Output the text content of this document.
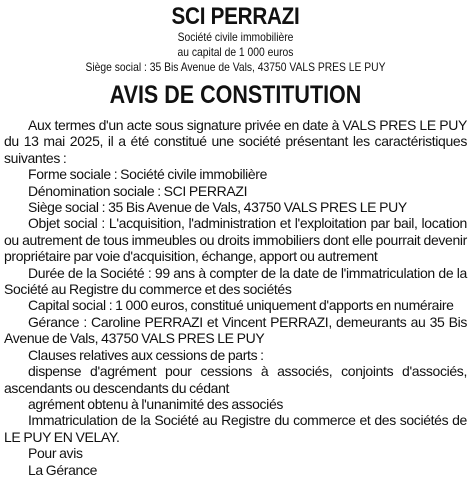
SCI PERRAZI
Société civile immobilière
au capital de 1 000 euros
Siège social : 35 Bis Avenue de Vals, 43750 VALS PRES LE PUY
AVIS DE CONSTITUTION

Aux termes d'un acte sous signature privée en date à VALS PRES LE PUY du 13 mai 2025, il a été constitué une société présentant les caractéristiques suivantes :

Forme sociale : Société civile immobilière

Dénomination sociale : SCI PERRAZI

Siège social : 35 Bis Avenue de Vals, 43750 VALS PRES LE PUY

Objet social : L'acquisition, l'administration et l'exploitation par bail, location ou autrement de tous immeubles ou droits immobiliers dont elle pourrait devenir propriétaire par voie d'acquisition, échange, apport ou autrement

Durée de la Société : 99 ans à compter de la date de l'immatriculation de la Société au Registre du commerce et des sociétés

Capital social : 1 000 euros, constitué uniquement d'apports en numéraire

Gérance : Caroline PERRAZI et Vincent PERRAZI, demeurants au 35 Bis Avenue de Vals, 43750 VALS PRES LE PUY

Clauses relatives aux cessions de parts :

dispense d'agrément pour cessions à associés, conjoints d'associés, ascendants ou descendants du cédant

agrément obtenu à l'unanimité des associés

Immatriculation de la Société au Registre du commerce et des sociétés de LE PUY EN VELAY.

Pour avis

La Gérance
